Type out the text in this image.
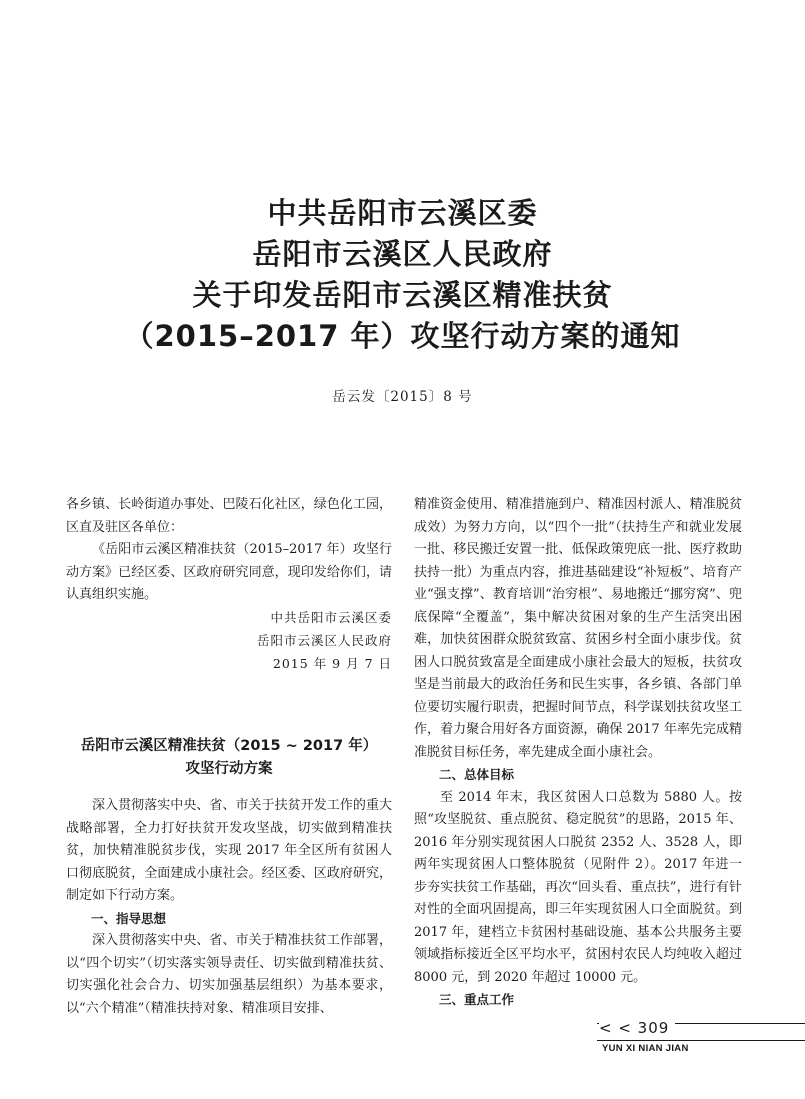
中共岳阳市云溪区委
岳阳市云溪区人民政府
关于印发岳阳市云溪区精准扶贫
（2015–2017 年）攻坚行动方案的通知
岳云发〔2015〕8 号

各乡镇、长岭街道办事处、巴陵石化社区，绿色化工园，区直及驻区各单位：

《岳阳市云溪区精准扶贫（2015–2017 年）攻坚行动方案》已经区委、区政府研究同意，现印发给你们，请认真组织实施。

中共岳阳市云溪区委
岳阳市云溪区人民政府
2015 年 9 月 7 日
岳阳市云溪区精准扶贫（2015 ~ 2017 年）
攻坚行动方案

深入贯彻落实中央、省、市关于扶贫开发工作的重大战略部署，全力打好扶贫开发攻坚战，切实做到精准扶贫，加快精准脱贫步伐，实现 2017 年全区所有贫困人口彻底脱贫，全面建成小康社会。经区委、区政府研究，制定如下行动方案。

一、指导思想

深入贯彻落实中央、省、市关于精准扶贫工作部署，以“四个切实”（切实落实领导责任、切实做到精准扶贫、切实强化社会合力、切实加强基层组织）为基本要求，以“六个精准”（精准扶持对象、精准项目安排、

精准资金使用、精准措施到户、精准因村派人、精准脱贫成效）为努力方向，以“四个一批”（扶持生产和就业发展一批、移民搬迁安置一批、低保政策兜底一批、医疗救助扶持一批）为重点内容，推进基础建设“补短板”、培育产业“强支撑”、教育培训“治穷根”、易地搬迁“挪穷窝”、兜底保障“全覆盖”，集中解决贫困对象的生产生活突出困难，加快贫困群众脱贫致富、贫困乡村全面小康步伐。贫困人口脱贫致富是全面建成小康社会最大的短板，扶贫攻坚是当前最大的政治任务和民生实事，各乡镇、各部门单位要切实履行职责，把握时间节点，科学谋划扶贫攻坚工作，着力聚合用好各方面资源，确保 2017 年率先完成精准脱贫目标任务，率先建成全面小康社会。

二、总体目标

至 2014 年末，我区贫困人口总数为 5880 人。按照“攻坚脱贫、重点脱贫、稳定脱贫”的思路，2015 年、2016 年分别实现贫困人口脱贫 2352 人、3528 人，即两年实现贫困人口整体脱贫（见附件 2）。2017 年进一步夯实扶贫工作基础，再次“回头看、重点扶”，进行有针对性的全面巩固提高，即三年实现贫困人口全面脱贫。到 2017 年，建档立卡贫困村基础设施、基本公共服务主要领域指标接近全区平均水平，贫困村农民人均纯收入超过 8000 元，到 2020 年超过 10000 元。

三、重点工作

< < 309
YUN XI NIAN JIAN
